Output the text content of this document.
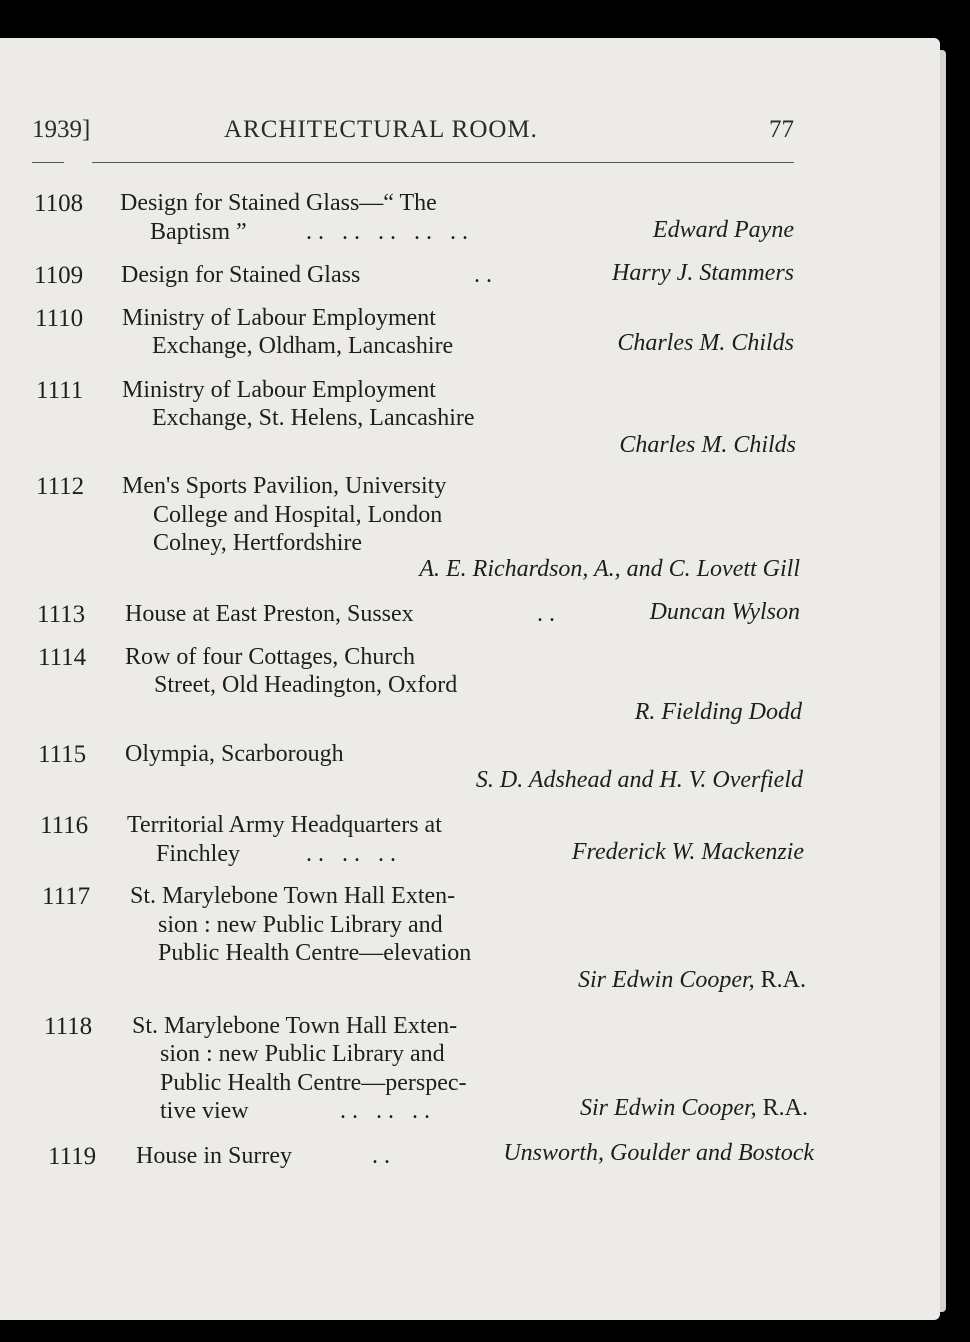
1939]	ARCHITECTURAL ROOM.	77
1108 Design for Stained Glass—“ The
Baptism ” .. .. .. .. ..	Edward Payne
1109 Design for Stained Glass	..	Harry J. Stammers
1110 Ministry of Labour Employment
Exchange, Oldham, Lancashire	Charles M. Childs
1111 Ministry of Labour Employment
Exchange, St. Helens, Lancashire
Charles M. Childs
1112 Men's Sports Pavilion, University
College and Hospital, London
Colney, Hertfordshire
A. E. Richardson, A., and C. Lovett Gill
1113 House at East Preston, Sussex	..	Duncan Wylson
1114 Row of four Cottages, Church
Street, Old Headington, Oxford
R. Fielding Dodd
1115 Olympia, Scarborough
S. D. Adshead and H. V. Overfield
1116 Territorial Army Headquarters at
Finchley	.. .. ..	Frederick W. Mackenzie
1117 St. Marylebone Town Hall Exten-
sion : new Public Library and
Public Health Centre—elevation
Sir Edwin Cooper, R.A.
1118 St. Marylebone Town Hall Exten-
sion : new Public Library and
Public Health Centre—perspec-
tive view	.. .. ..	Sir Edwin Cooper, R.A.
1119 House in Surrey	..	Unsworth, Goulder and Bostock
